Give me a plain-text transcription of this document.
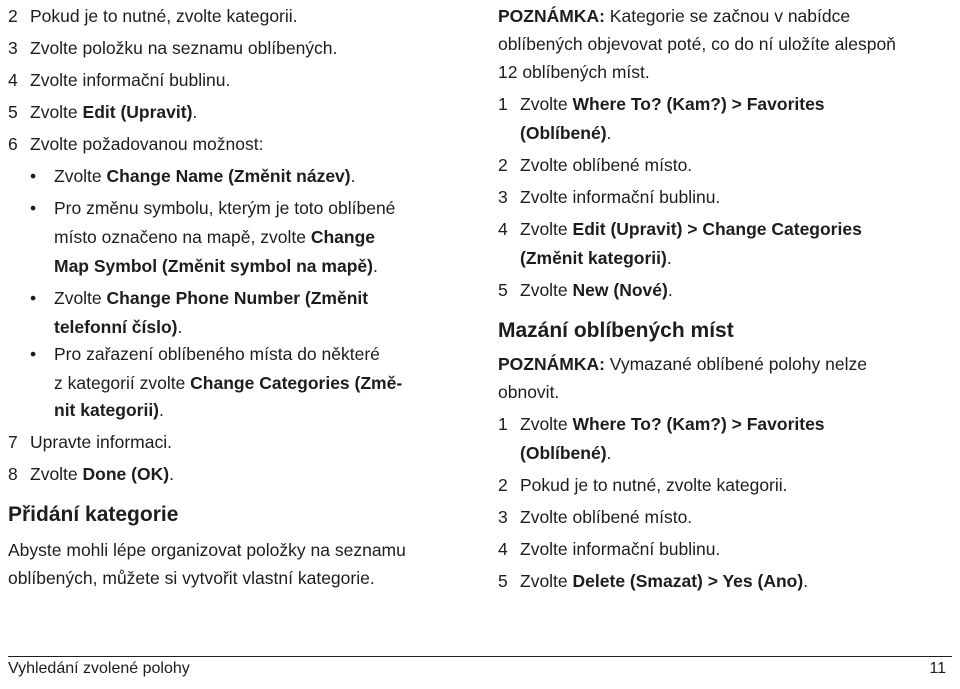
2 Pokud je to nutné, zvolte kategorii.
3 Zvolte položku na seznamu oblíbených.
4 Zvolte informační bublinu.
5 Zvolte Edit (Upravit).
6 Zvolte požadovanou možnost:
• Zvolte Change Name (Změnit název).
• Pro změnu symbolu, kterým je toto oblíbené
místo označeno na mapě, zvolte Change
Map Symbol (Změnit symbol na mapě).
• Zvolte Change Phone Number (Změnit
telefonní číslo).
• Pro zařazení oblíbeného místa do některé
z kategorií zvolte Change Categories (Změ-
nit kategorii).
7 Upravte informaci.
8 Zvolte Done (OK).
Přidání kategorie
Abyste mohli lépe organizovat položky na seznamu
oblíbených, můžete si vytvořit vlastní kategorie.
POZNÁMKA: Kategorie se začnou v nabídce
oblíbených objevovat poté, co do ní uložíte alespoň
12 oblíbených míst.
1 Zvolte Where To? (Kam?) > Favorites
(Oblíbené).
2 Zvolte oblíbené místo.
3 Zvolte informační bublinu.
4 Zvolte Edit (Upravit) > Change Categories
(Změnit kategorii).
5 Zvolte New (Nové).
Mazání oblíbených míst
POZNÁMKA: Vymazané oblíbené polohy nelze
obnovit.
1 Zvolte Where To? (Kam?) > Favorites
(Oblíbené).
2 Pokud je to nutné, zvolte kategorii.
3 Zvolte oblíbené místo.
4 Zvolte informační bublinu.
5 Zvolte Delete (Smazat) > Yes (Ano).
Vyhledání zvolené polohy	11
